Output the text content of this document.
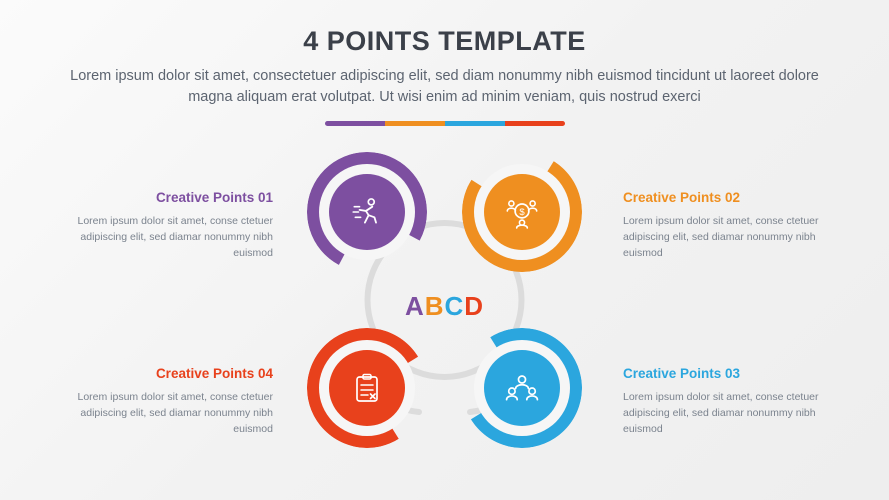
4 POINTS TEMPLATE
Lorem ipsum dolor sit amet, consectetuer adipiscing elit, sed diam nonummy nibh euismod tincidunt ut laoreet dolore magna aliquam erat volutpat. Ut wisi enim ad minim veniam, quis nostrud exerci
$
ABCD
Creative Points 01
Lorem ipsum dolor sit amet, conse ctetuer adipiscing elit, sed diamar nonummy nibh euismod
Creative Points 02
Lorem ipsum dolor sit amet, conse ctetuer adipiscing elit, sed diamar nonummy nibh euismod
Creative Points 03
Lorem ipsum dolor sit amet, conse ctetuer adipiscing elit, sed diamar nonummy nibh euismod
Creative Points 04
Lorem ipsum dolor sit amet, conse ctetuer adipiscing elit, sed diamar nonummy nibh euismod
